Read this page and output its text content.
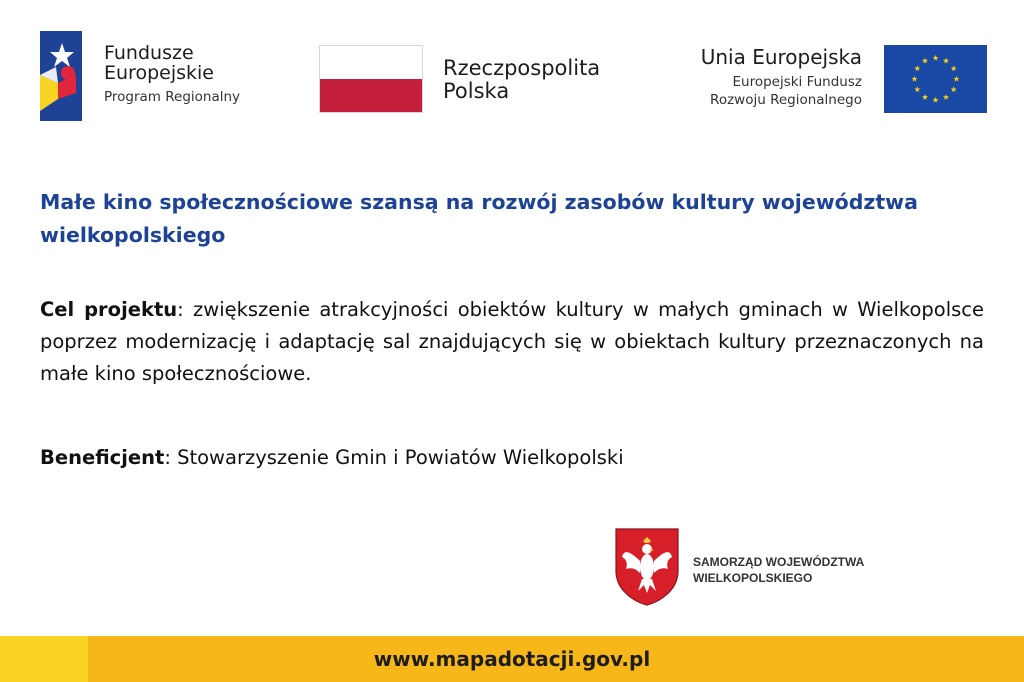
Fundusze
Europejskie
Program Regionalny
Rzeczpospolita
Polska
Unia Europejska
Europejski Fundusz
Rozwoju Regionalnego
Małe kino społecznościowe szansą na rozwój zasobów kultury województwa wielkopolskiego
Cel projektu: zwiększenie atrakcyjności obiektów kultury w małych gminach w Wielkopolsce poprzez modernizację i adaptację sal znajdujących się w obiektach kultury przeznaczonych na małe kino społecznościowe.
Beneficjent: Stowarzyszenie Gmin i Powiatów Wielkopolski
SAMORZĄD WOJEWÓDZTWA
WIELKOPOLSKIEGO
www.mapadotacji.gov.pl
